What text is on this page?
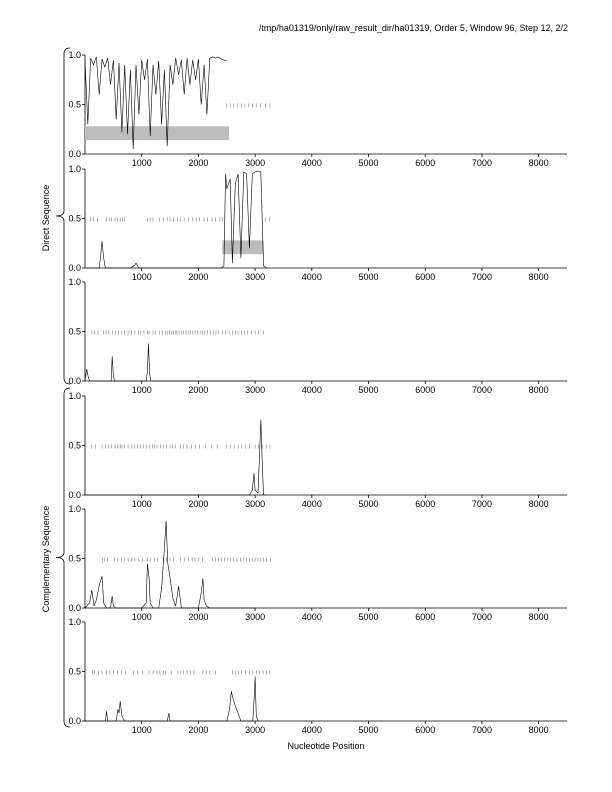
/tmp/ha01319/only/raw_result_dir/ha01319, Order 5, Window 96, Step 12, 2/2
0.0
0.5
1.0
1000	2000	3000	4000	5000	6000	7000	8000
0.0
0.5
1.0
1000	2000	3000	4000	5000	6000	7000	8000
0.0
0.5
1.0
1000	2000	3000	4000	5000	6000	7000	8000
0.0
0.5
1.0
1000	2000	3000	4000	5000	6000	7000	8000
0.0
0.5
1.0
1000	2000	3000	4000	5000	6000	7000	8000
0.0
0.5
1.0
1000	2000	3000	4000	5000	6000	7000	8000
Direct Sequence
Complementary Sequence
Nucleotide Position
